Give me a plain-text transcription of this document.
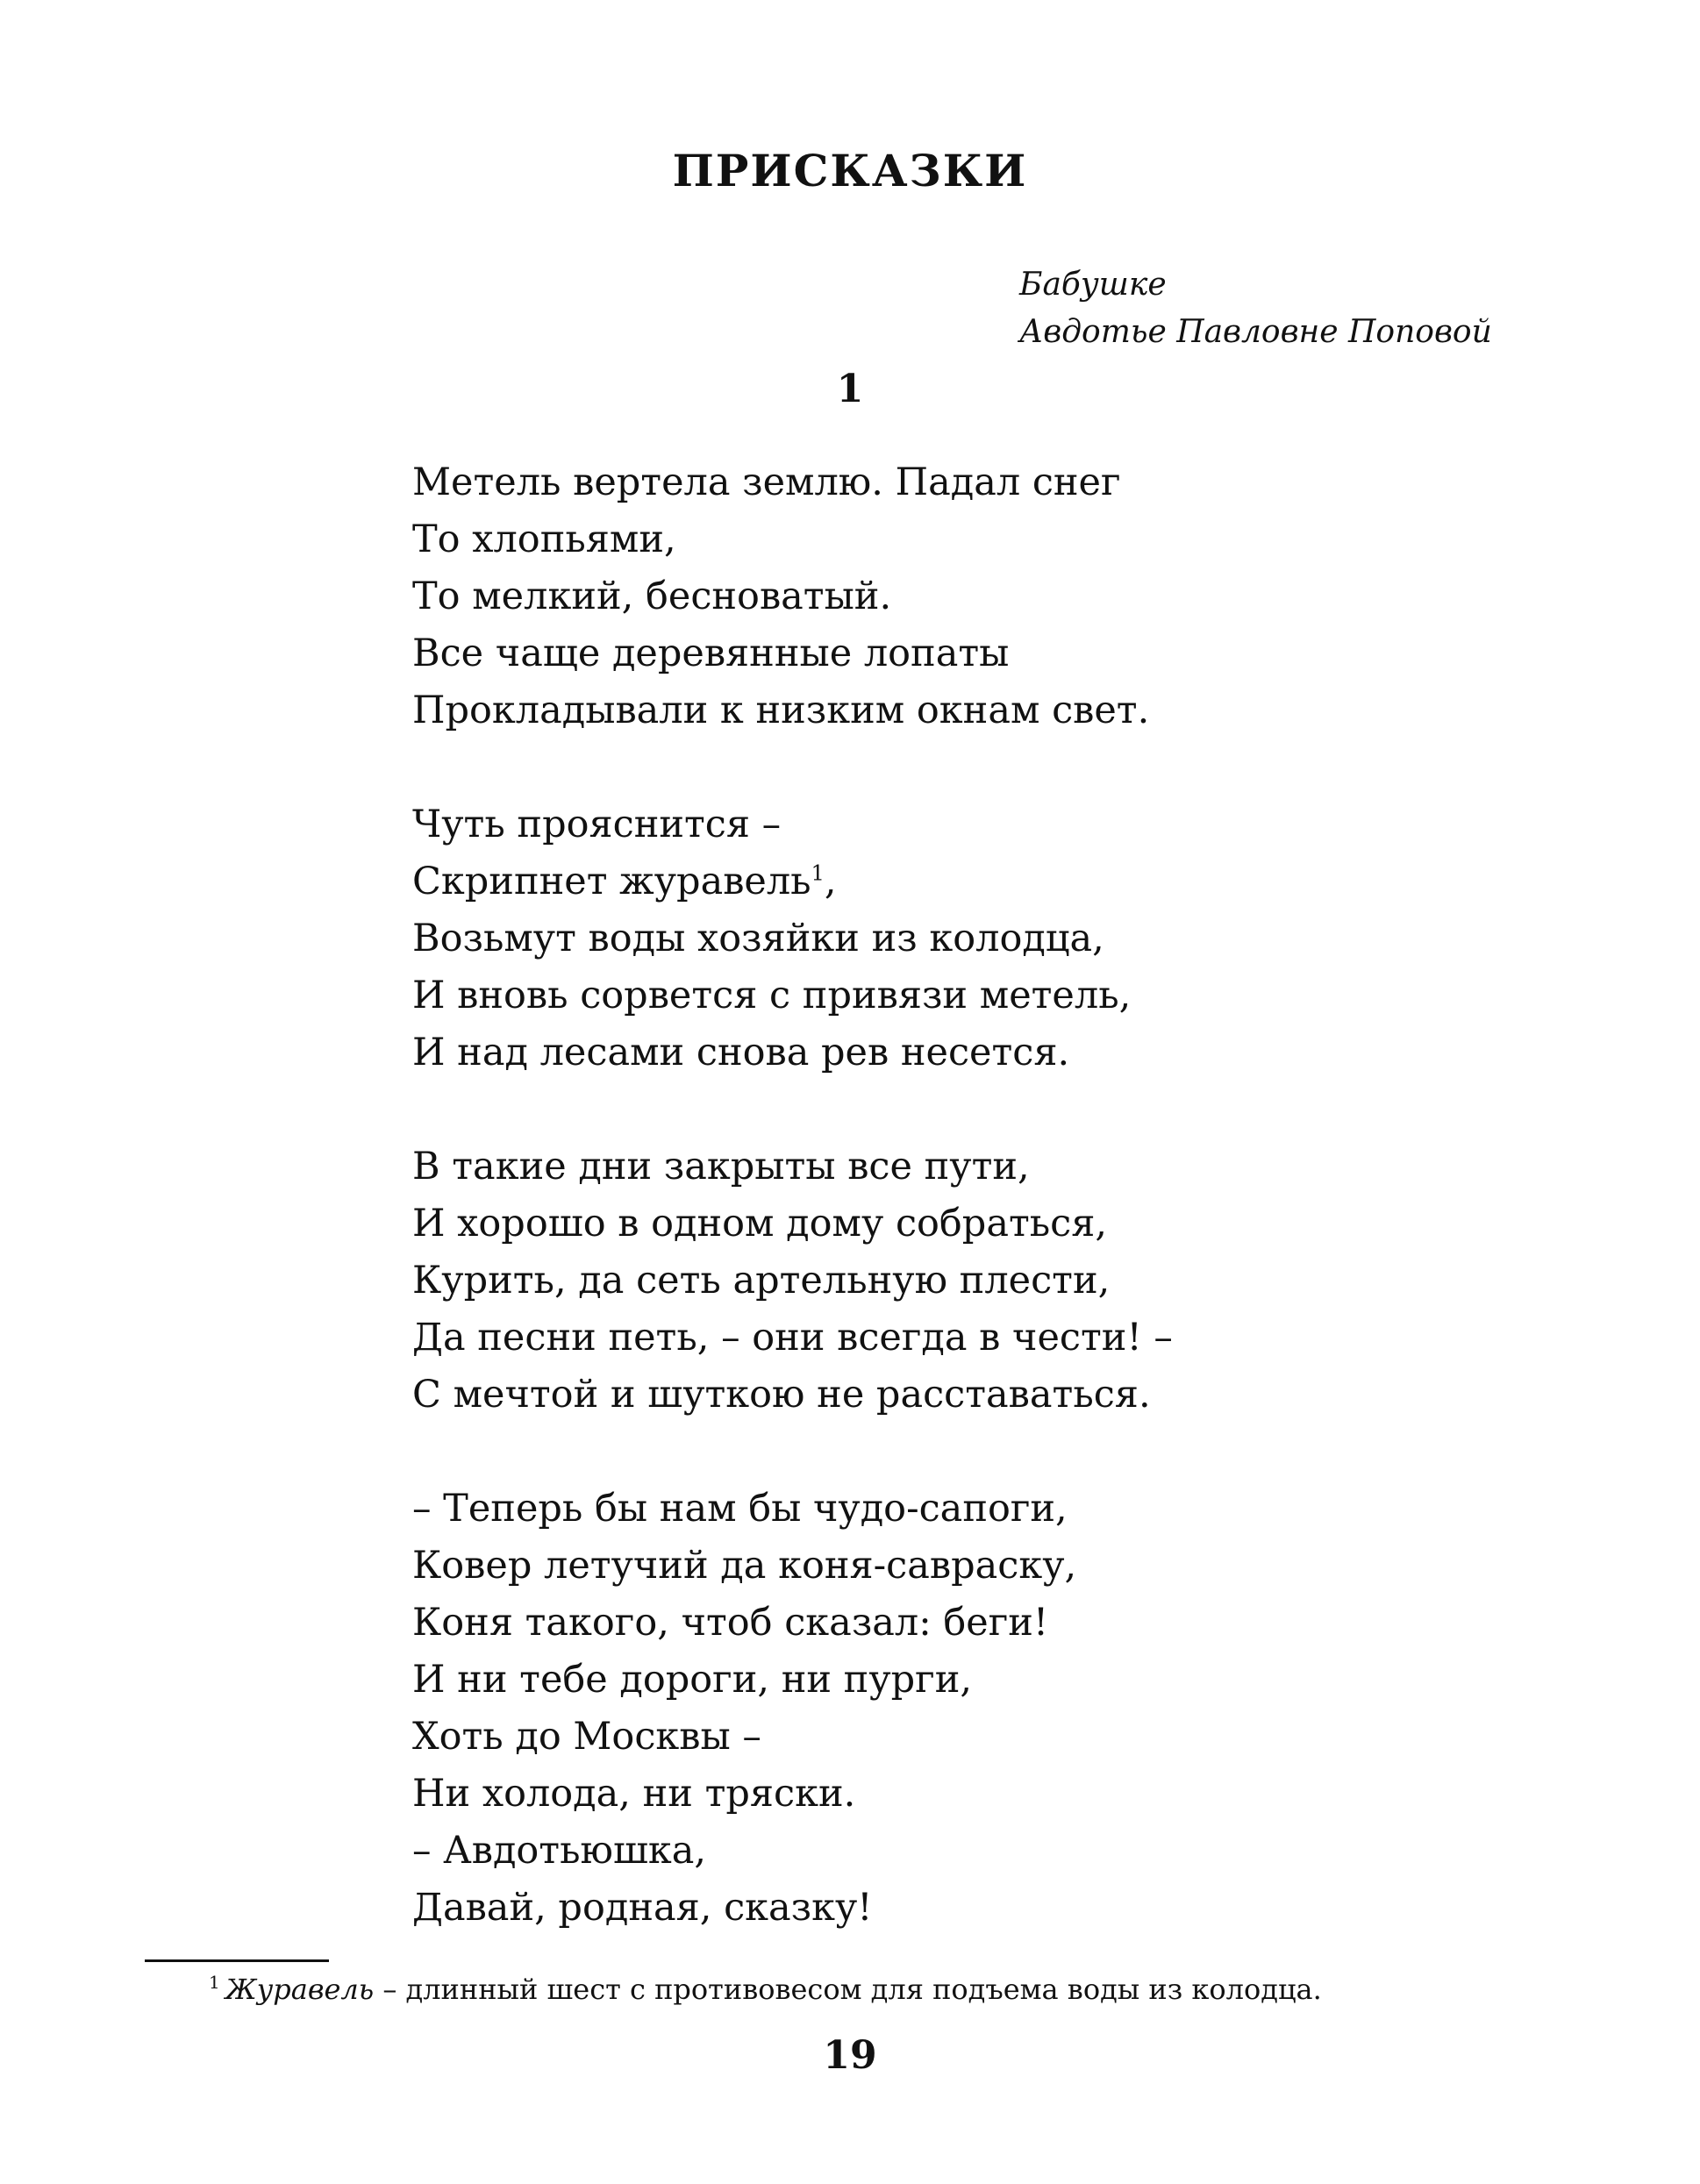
ПРИСКАЗКИ
Бабушке
Авдотье Павловне Поповой
1
Метель вертела землю. Падал снег
То хлопьями,
То мелкий, бесноватый.
Все чаще деревянные лопаты
Прокладывали к низким окнам свет.
Чуть прояснится –
Скрипнет журавель$^1$,
Возьмут воды хозяйки из колодца,
И вновь сорвется с привязи метель,
И над лесами снова рев несется.
В такие дни закрыты все пути,
И хорошо в одном дому собраться,
Курить, да сеть артельную плести,
Да песни петь, – они всегда в чести! –
С мечтой и шуткою не расставаться.
– Теперь бы нам бы чудо-сапоги,
Ковер летучий да коня-савраску,
Коня такого, чтоб сказал: беги!
И ни тебе дороги, ни пурги,
Хоть до Москвы –
Ни холода, ни тряски.
– Авдотьюшка,
Давай, родная, сказку!
$^1$ Журавель – длинный шест с противовесом для подъема воды из колодца.
19
